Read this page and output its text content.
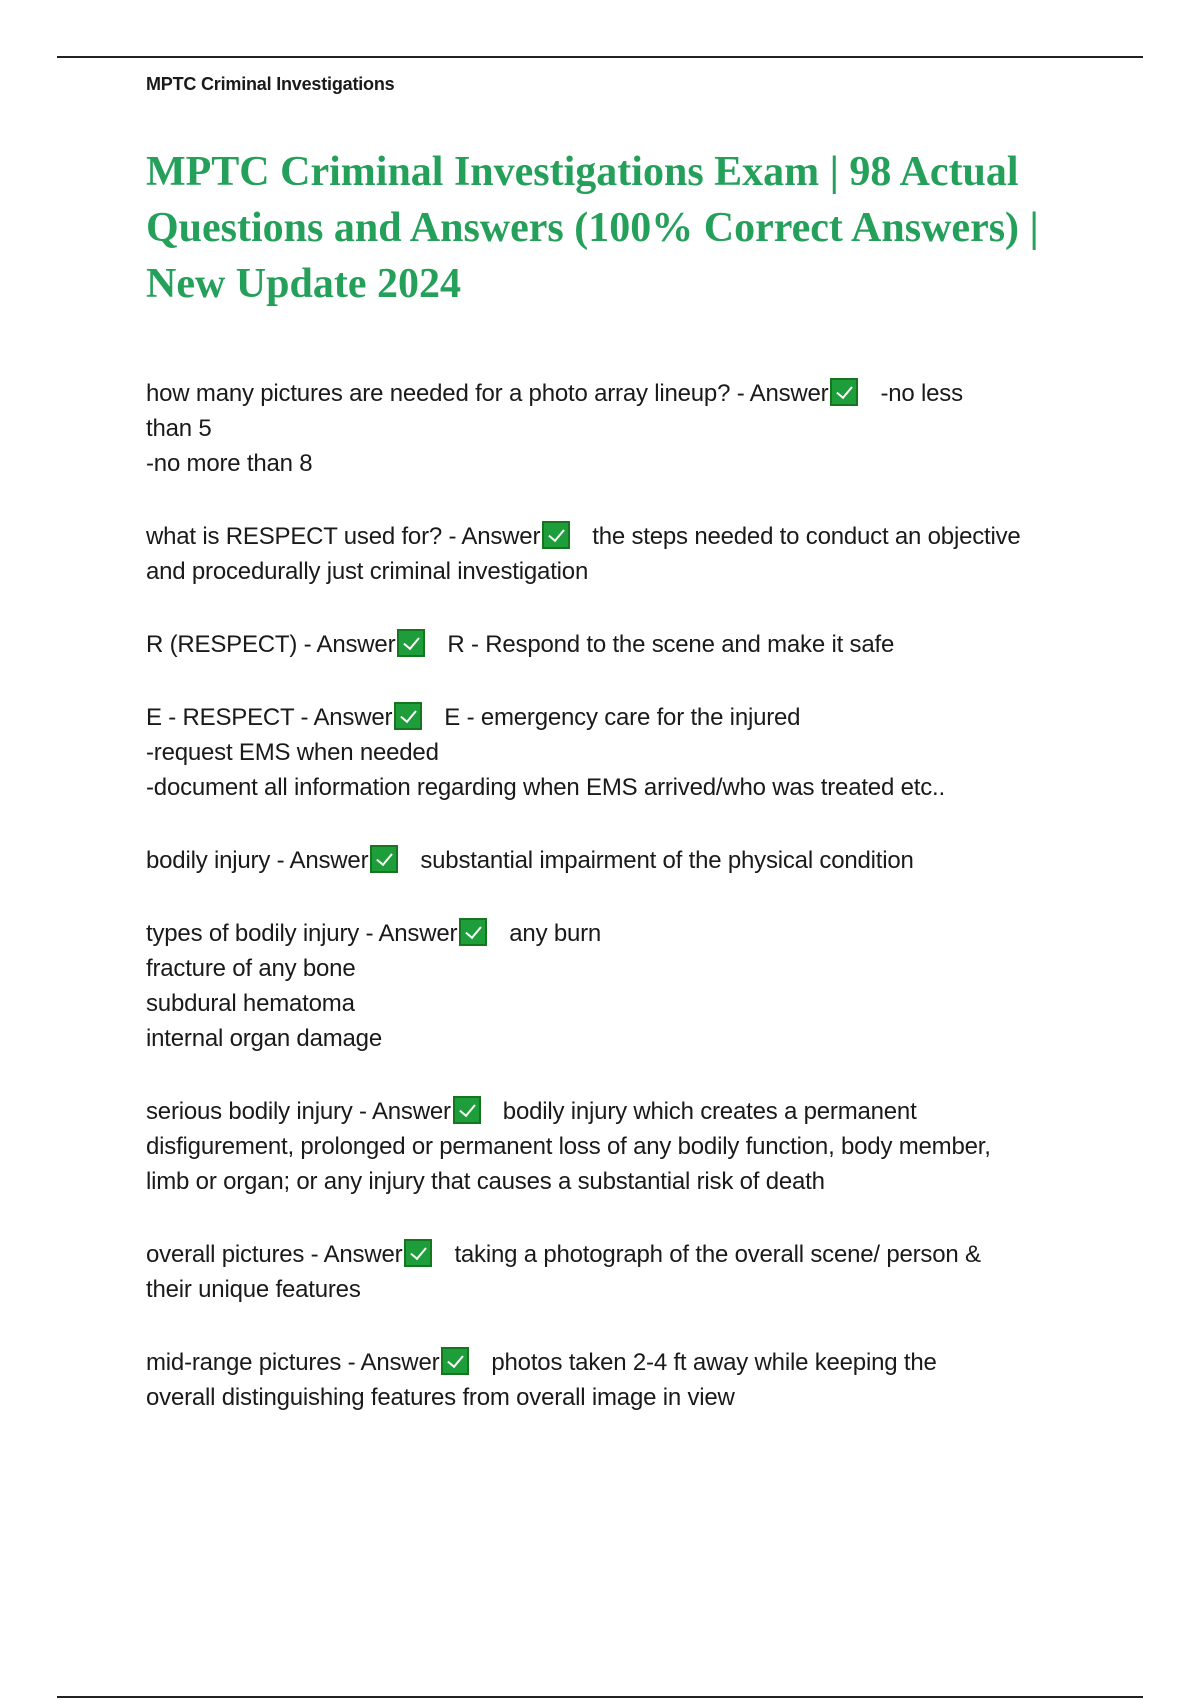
MPTC Criminal Investigations
MPTC Criminal Investigations Exam | 98 Actual Questions and Answers (100% Correct Answers) | New Update 2024
how many pictures are needed for a photo array lineup? - Answer -no less
than 5
-no more than 8
what is RESPECT used for? - Answer the steps needed to conduct an objective
and procedurally just criminal investigation
R (RESPECT) - Answer R - Respond to the scene and make it safe
E - RESPECT - Answer E - emergency care for the injured
-request EMS when needed
-document all information regarding when EMS arrived/who was treated etc..
bodily injury - Answer substantial impairment of the physical condition
types of bodily injury - Answer any burn
fracture of any bone
subdural hematoma
internal organ damage
serious bodily injury - Answer bodily injury which creates a permanent
disfigurement, prolonged or permanent loss of any bodily function, body member,
limb or organ; or any injury that causes a substantial risk of death
overall pictures - Answer taking a photograph of the overall scene/ person &
their unique features
mid-range pictures - Answer photos taken 2-4 ft away while keeping the
overall distinguishing features from overall image in view
